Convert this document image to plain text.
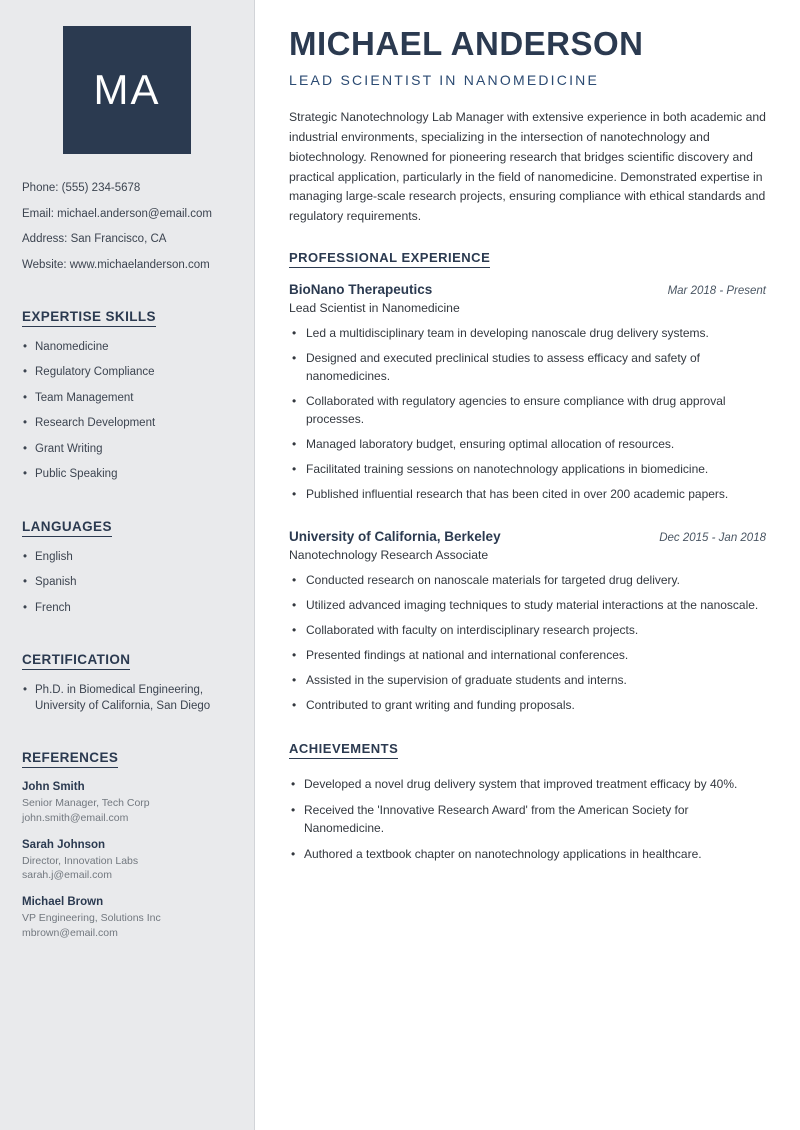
MA
Phone: (555) 234-5678
Email: michael.anderson@email.com
Address: San Francisco, CA
Website: www.michaelanderson.com
EXPERTISE SKILLS
• Nanomedicine
• Regulatory Compliance
• Team Management
• Research Development
• Grant Writing
• Public Speaking
LANGUAGES
• English
• Spanish
• French
CERTIFICATION
• Ph.D. in Biomedical Engineering, University of California, San Diego
REFERENCES
John Smith
Senior Manager, Tech Corp
john.smith@email.com
Sarah Johnson
Director, Innovation Labs
sarah.j@email.com
Michael Brown
VP Engineering, Solutions Inc
mbrown@email.com
MICHAEL ANDERSON
LEAD SCIENTIST IN NANOMEDICINE

Strategic Nanotechnology Lab Manager with extensive experience in both academic and industrial environments, specializing in the intersection of nanotechnology and biotechnology. Renowned for pioneering research that bridges scientific discovery and practical application, particularly in the field of nanomedicine. Demonstrated expertise in managing large-scale research projects, ensuring compliance with ethical standards and regulatory requirements.

PROFESSIONAL EXPERIENCE
BioNano Therapeutics	Mar 2018 - Present
Lead Scientist in Nanomedicine
• Led a multidisciplinary team in developing nanoscale drug delivery systems.
• Designed and executed preclinical studies to assess efficacy and safety of nanomedicines.
• Collaborated with regulatory agencies to ensure compliance with drug approval processes.
• Managed laboratory budget, ensuring optimal allocation of resources.
• Facilitated training sessions on nanotechnology applications in biomedicine.
• Published influential research that has been cited in over 200 academic papers.
University of California, Berkeley	Dec 2015 - Jan 2018
Nanotechnology Research Associate
• Conducted research on nanoscale materials for targeted drug delivery.
• Utilized advanced imaging techniques to study material interactions at the nanoscale.
• Collaborated with faculty on interdisciplinary research projects.
• Presented findings at national and international conferences.
• Assisted in the supervision of graduate students and interns.
• Contributed to grant writing and funding proposals.
ACHIEVEMENTS
• Developed a novel drug delivery system that improved treatment efficacy by 40%.
• Received the 'Innovative Research Award' from the American Society for Nanomedicine.
• Authored a textbook chapter on nanotechnology applications in healthcare.
